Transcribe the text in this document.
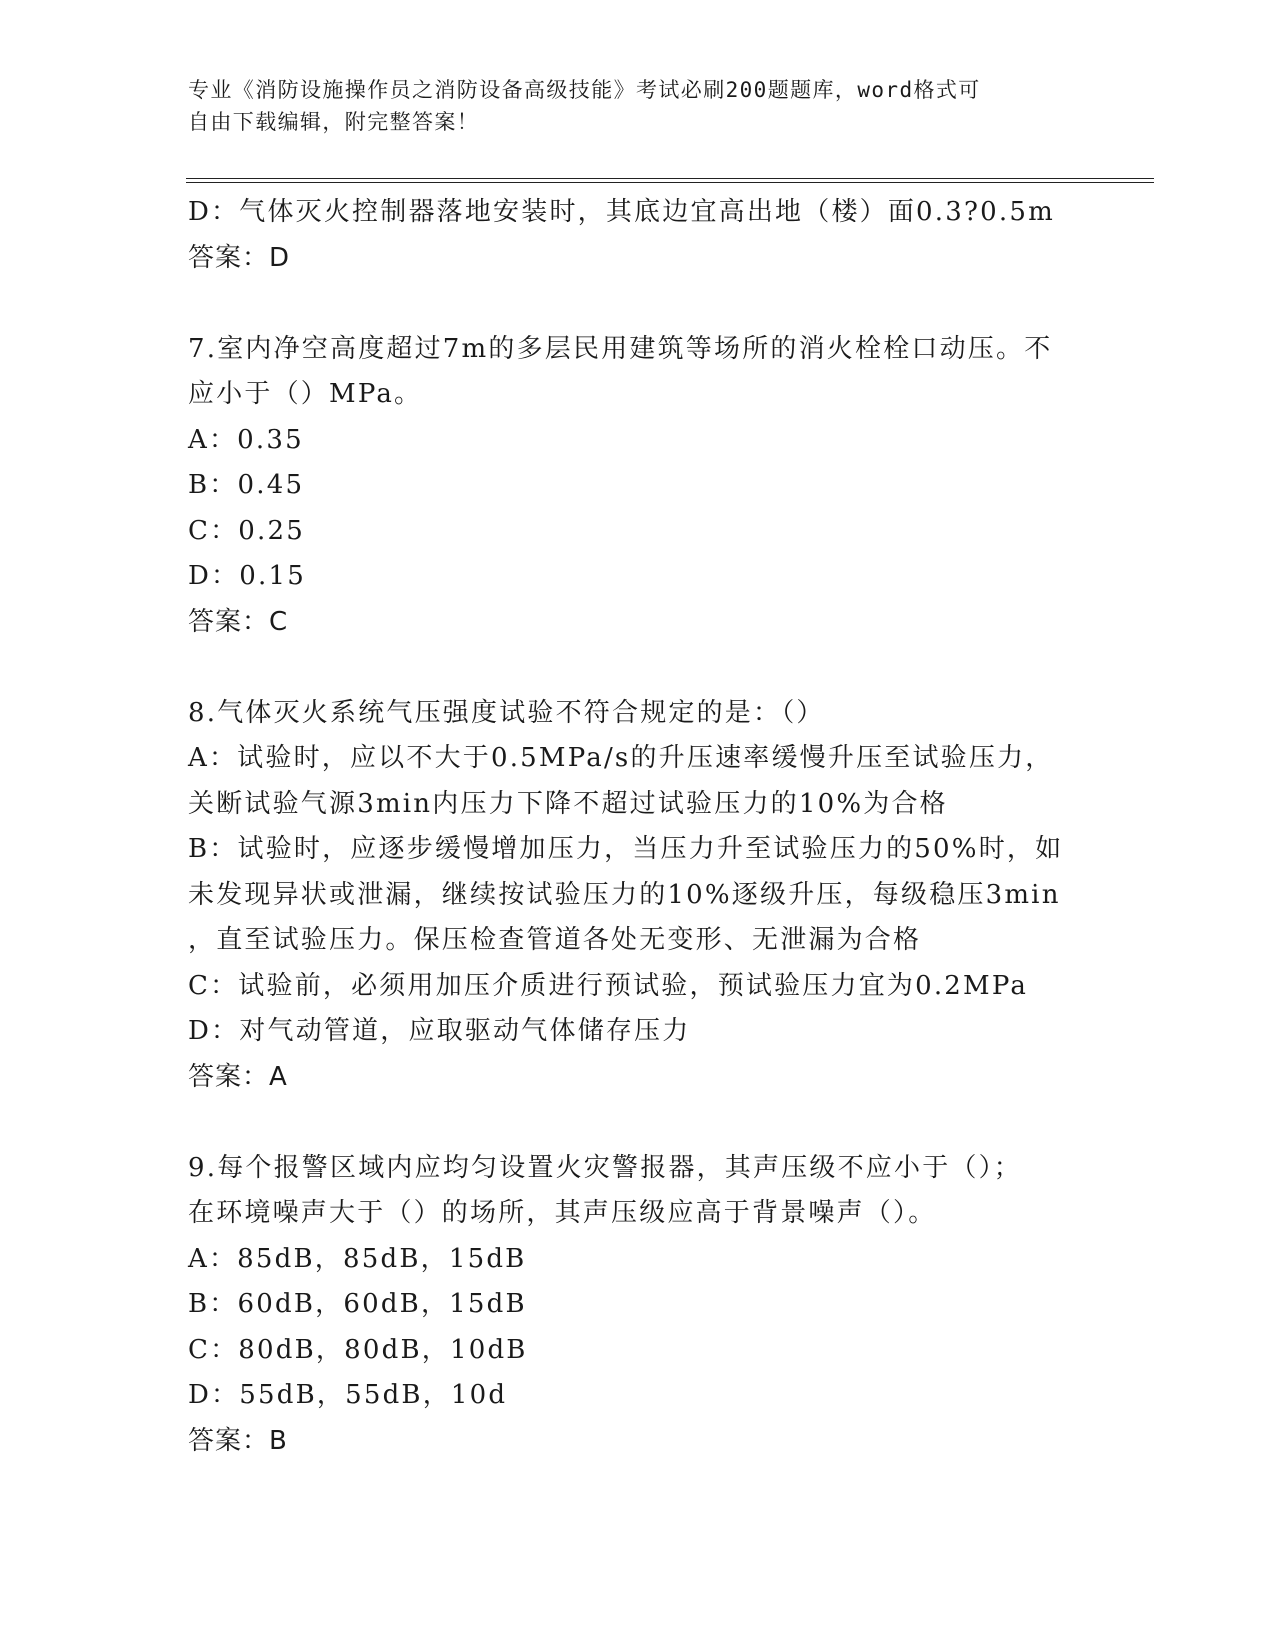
专业《消防设施操作员之消防设备高级技能》考试必刷200题题库，word格式可
自由下载编辑，附完整答案！
D：气体灭火控制器落地安装时，其底边宜高出地（楼）面0.3?0.5m
答案：D
7.室内净空高度超过7m的多层民用建筑等场所的消火栓栓口动压。不
应小于（）MPa。
A：0.35
B：0.45
C：0.25
D：0.15
答案：C
8.气体灭火系统气压强度试验不符合规定的是：（）
A：试验时，应以不大于0.5MPa/s的升压速率缓慢升压至试验压力，
关断试验气源3min内压力下降不超过试验压力的10%为合格
B：试验时，应逐步缓慢增加压力，当压力升至试验压力的50%时，如
未发现异状或泄漏，继续按试验压力的10%逐级升压，每级稳压3min
，直至试验压力。保压检查管道各处无变形、无泄漏为合格
C：试验前，必须用加压介质进行预试验，预试验压力宜为0.2MPa
D：对气动管道，应取驱动气体储存压力
答案：A
9.每个报警区域内应均匀设置火灾警报器，其声压级不应小于（）；
在环境噪声大于（）的场所，其声压级应高于背景噪声（）。
A：85dB，85dB，15dB
B：60dB，60dB，15dB
C：80dB，80dB，10dB
D：55dB，55dB，10d
答案：B
